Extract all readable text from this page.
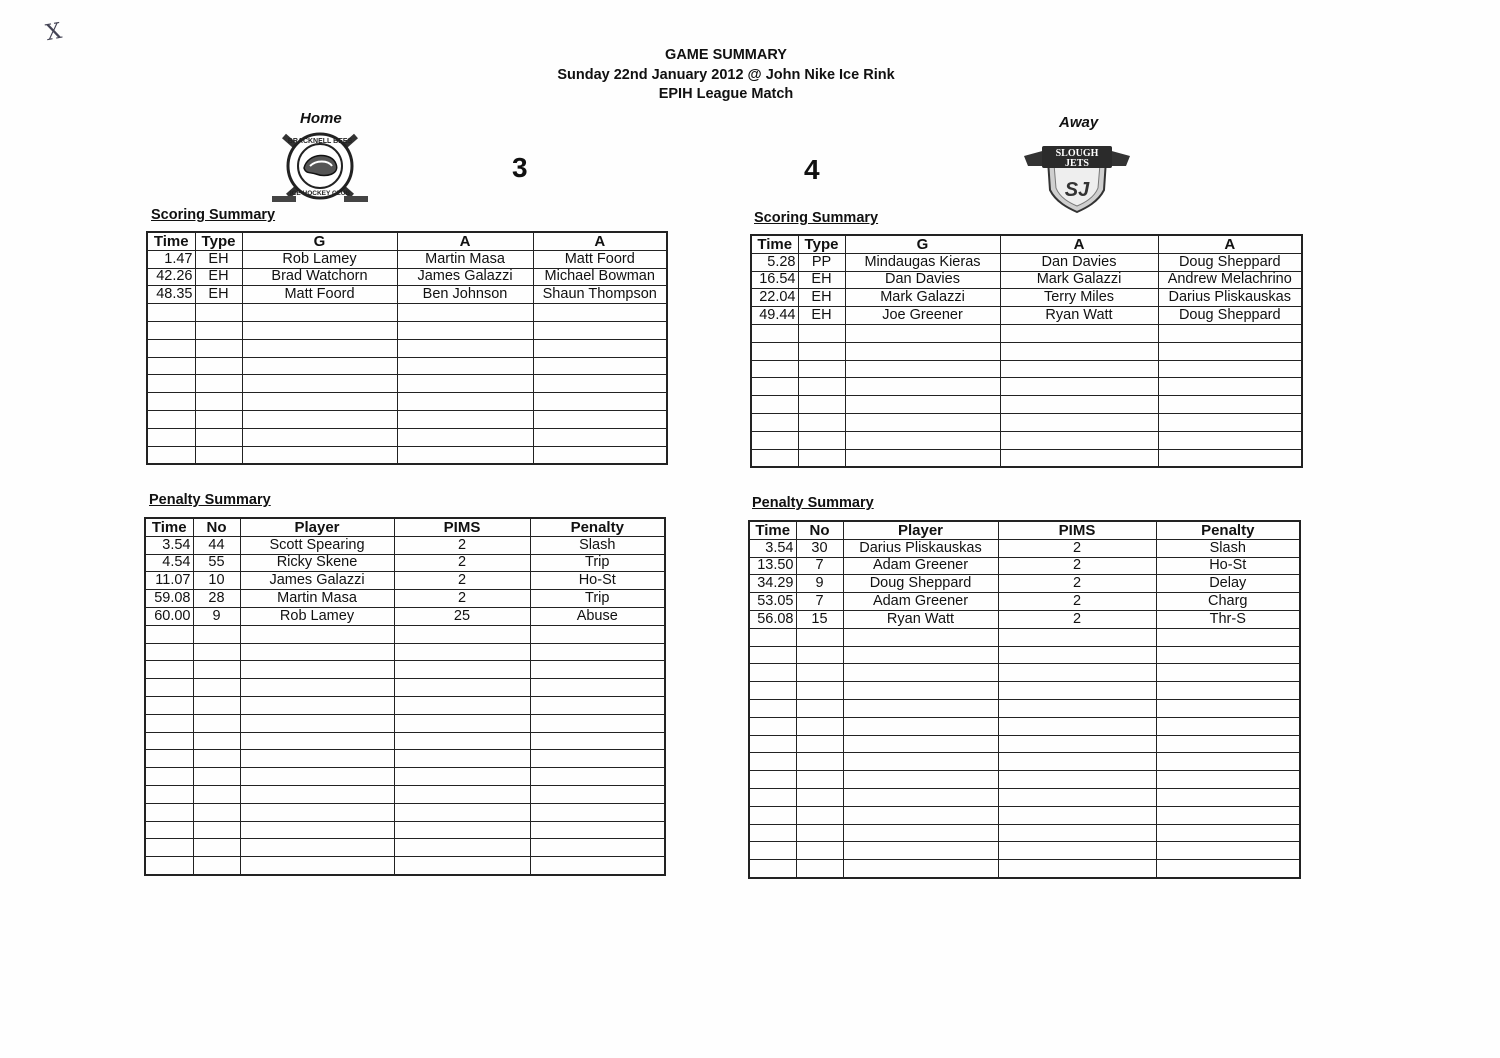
X
GAME SUMMARY
Sunday 22nd January 2012 @ John Nike Ice Rink
EPIH League Match
Home
BRACKNELL BEES
ICE HOCKEY CLUB
3
Scoring Summary
Time	Type	G	A	A
1.47	EH	Rob Lamey	Martin Masa	Matt Foord
42.26	EH	Brad Watchorn	James Galazzi	Michael Bowman
48.35	EH	Matt Foord	Ben Johnson	Shaun Thompson

Penalty Summary
Time	No	Player	PIMS	Penalty
3.54	44	Scott Spearing	2	Slash
4.54	55	Ricky Skene	2	Trip
11.07	10	James Galazzi	2	Ho-St
59.08	28	Martin Masa	2	Trip
60.00	9	Rob Lamey	25	Abuse

Away
SLOUGH
JETS
SJ
4
Scoring Summary
Time	Type	G	A	A
5.28	PP	Mindaugas Kieras	Dan Davies	Doug Sheppard
16.54	EH	Dan Davies	Mark Galazzi	Andrew Melachrino
22.04	EH	Mark Galazzi	Terry Miles	Darius Pliskauskas
49.44	EH	Joe Greener	Ryan Watt	Doug Sheppard

Penalty Summary
Time	No	Player	PIMS	Penalty
3.54	30	Darius Pliskauskas	2	Slash
13.50	7	Adam Greener	2	Ho-St
34.29	9	Doug Sheppard	2	Delay
53.05	7	Adam Greener	2	Charg
56.08	15	Ryan Watt	2	Thr-S
